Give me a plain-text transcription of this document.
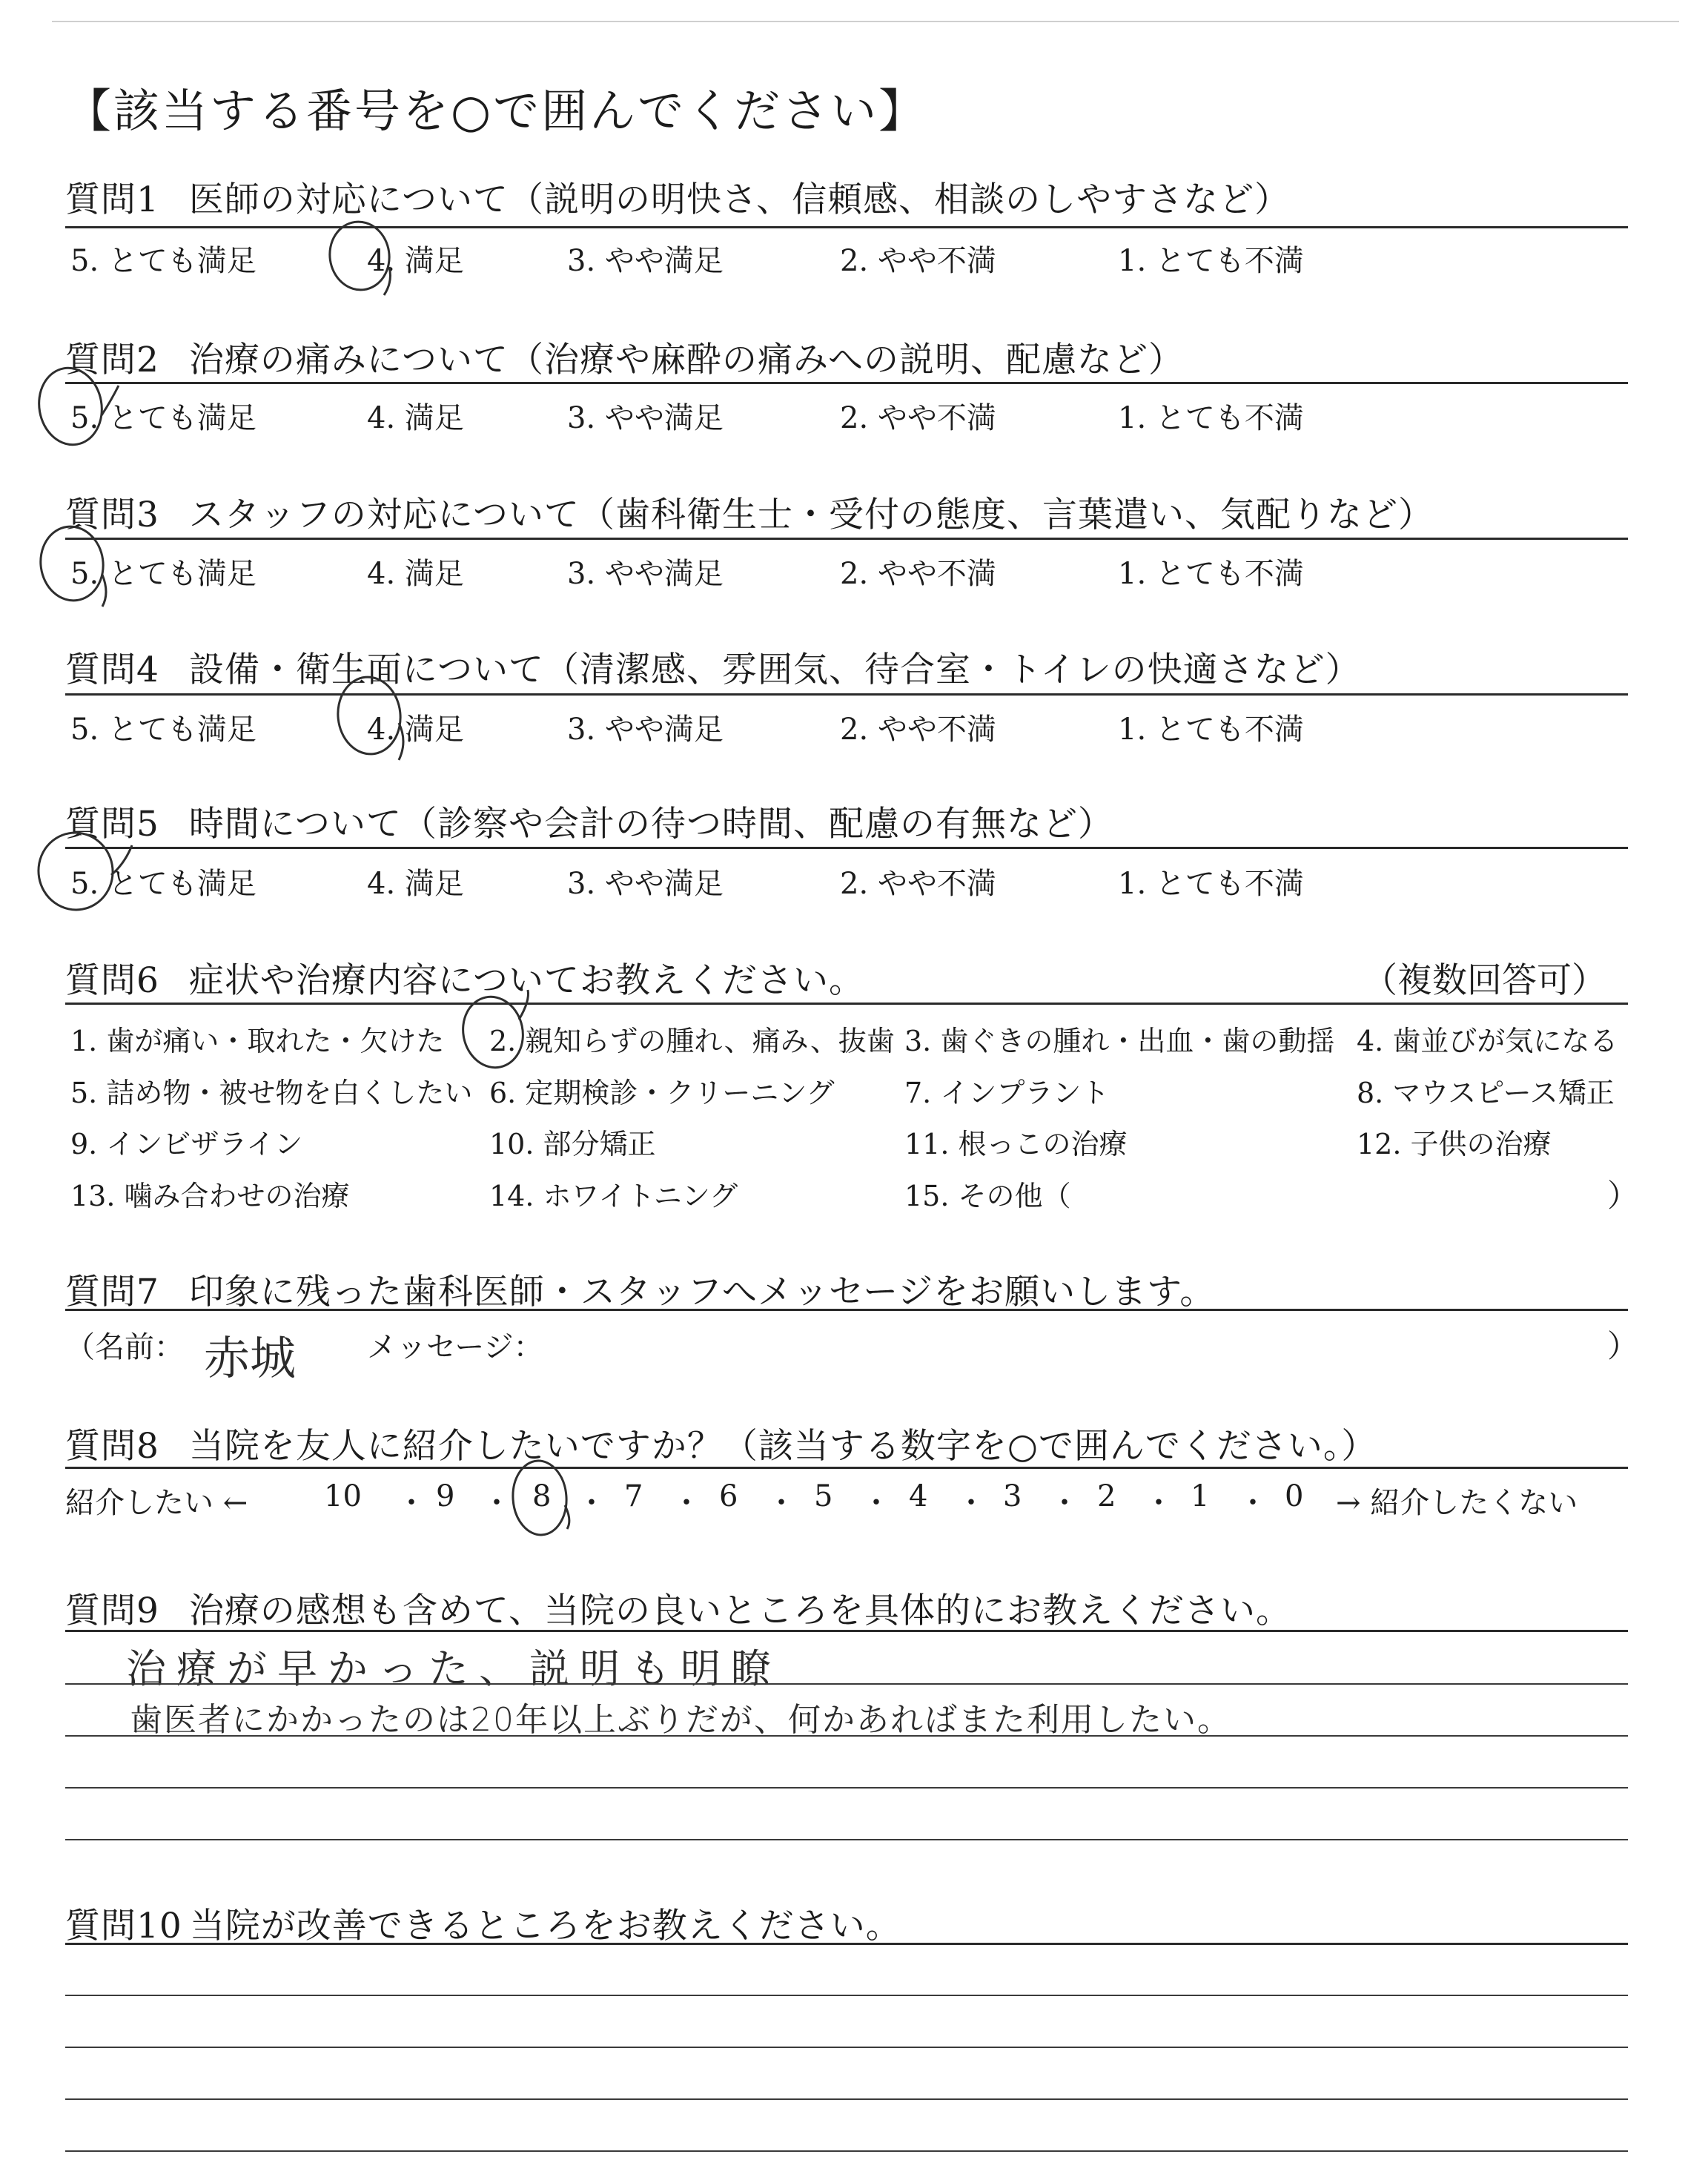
【該当する番号を○で囲んでください】
質問1 医師の対応について（説明の明快さ、信頼感、相談のしやすさなど）
5. とても満足	4. 満足	3. やや満足	2. やや不満	1. とても不満
質問2 治療の痛みについて（治療や麻酔の痛みへの説明、配慮など）
5. とても満足	4. 満足	3. やや満足	2. やや不満	1. とても不満
質問3 スタッフの対応について（歯科衛生士・受付の態度、言葉遣い、気配りなど）
5. とても満足	4. 満足	3. やや満足	2. やや不満	1. とても不満
質問4 設備・衛生面について（清潔感、雰囲気、待合室・トイレの快適さなど）
5. とても満足	4. 満足	3. やや満足	2. やや不満	1. とても不満
質問5 時間について（診察や会計の待つ時間、配慮の有無など）
5. とても満足	4. 満足	3. やや満足	2. やや不満	1. とても不満
質問6 症状や治療内容についてお教えください。	（複数回答可）
1. 歯が痛い・取れた・欠けた 2. 親知らずの腫れ、痛み、抜歯 3. 歯ぐきの腫れ・出血・歯の動揺 4. 歯並びが気になる
5. 詰め物・被せ物を白くしたい 6. 定期検診・クリーニング 7. インプラント	8. マウスピース矯正
9. インビザライン	10. 部分矯正	11. 根っこの治療	12. 子供の治療
13. 噛み合わせの治療	14. ホワイトニング	15. その他（	）
質問7 印象に残った歯科医師・スタッフへメッセージをお願いします。
（名前： 赤城 メッセージ：	）
質問8 当院を友人に紹介したいですか？（該当する数字を○で囲んでください。）
紹介したい ←	10 ・ 9 ・ 8 ・ 7 ・ 6 ・ 5 ・ 4 ・ 3 ・ 2 ・ 1 ・ 0 → 紹介したくない
質問9 治療の感想も含めて、当院の良いところを具体的にお教えください。
治療が早かった、説明も明瞭
歯医者にかかったのは20年以上ぶりだが、何かあればまた利用したい。
質問10 当院が改善できるところをお教えください。
